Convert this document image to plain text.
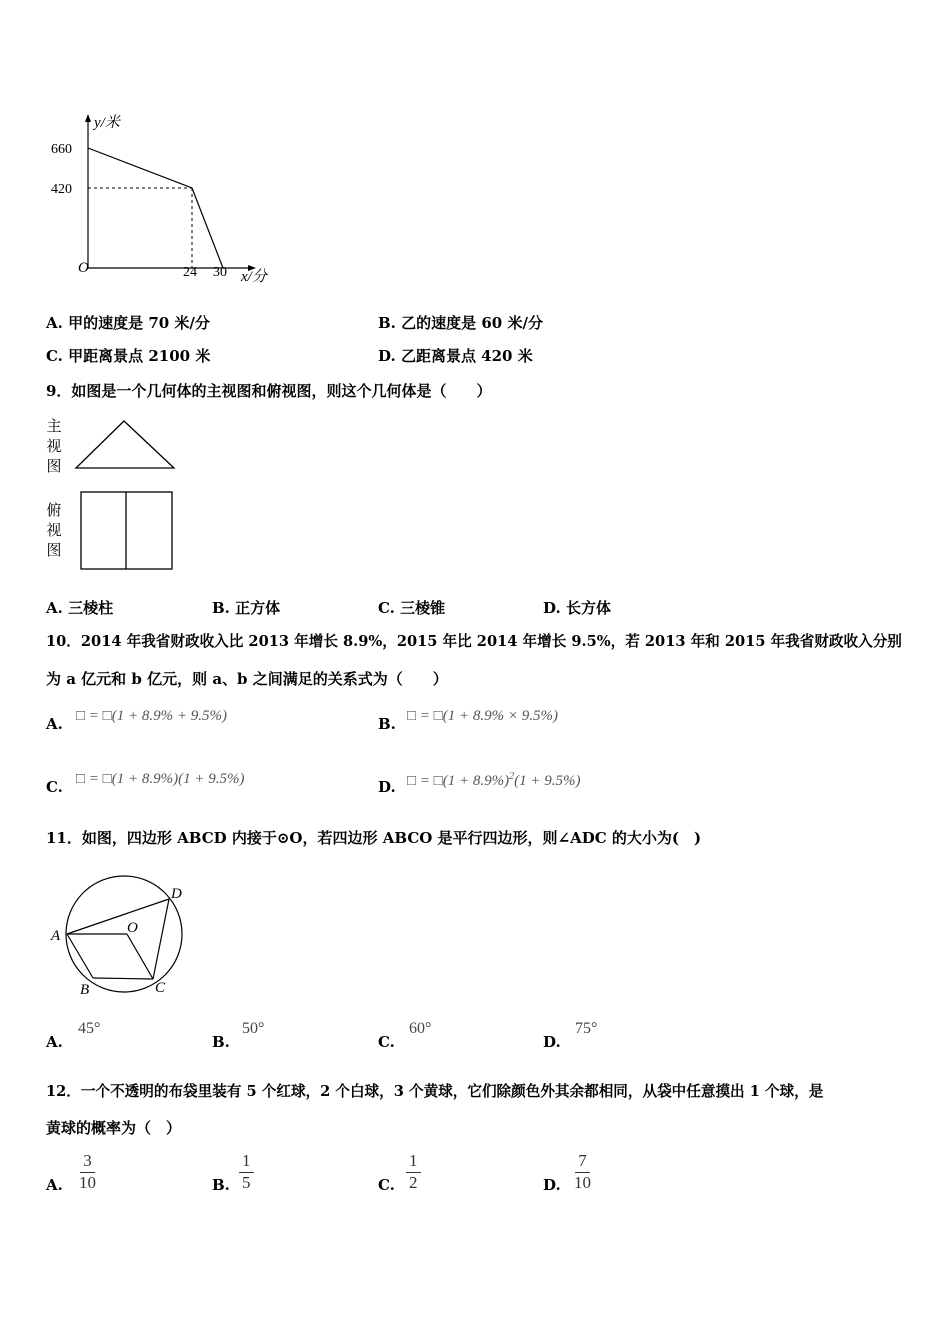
y/米
660
420
O	24 30 x/分
A. 甲的速度是 70 米/分	B. 乙的速度是 60 米/分
C. 甲距离景点 2100 米	D. 乙距离景点 420 米
9．如图是一个几何体的主视图和俯视图，则这个几何体是（　　）
主
视
图
俯
视
图
A. 三棱柱	B. 正方体	C. 三棱锥	D. 长方体
10．2014 年我省财政收入比 2013 年增长 8.9%，2015 年比 2014 年增长 9.5%，若 2013 年和 2015 年我省财政收入分别
为 a 亿元和 b 亿元，则 a、b 之间满足的关系式为（　　）
A. □ = □(1 + 8.9% + 9.5%)	B. □ = □(1 + 8.9% × 9.5%)
C. □ = □(1 + 8.9%)(1 + 9.5%)	D. □ = □(1 + 8.9%)$^2$(1 + 9.5%)
11．如图，四边形 ABCD 内接于⊙O，若四边形 ABCO 是平行四边形，则∠ADC 的大小为(　)
A
B	C
D
O
A.
45°
B.
50°
C.
60°
D.
75°
12．一个不透明的布袋里装有 5 个红球，2 个白球，3 个黄球，它们除颜色外其余都相同，从袋中任意摸出 1 个球，是
黄球的概率为（　）
A. $\frac{3}{10}$	B. $\frac{1}{5}$	C. $\frac{1}{2}$	D. $\frac{7}{10}$
